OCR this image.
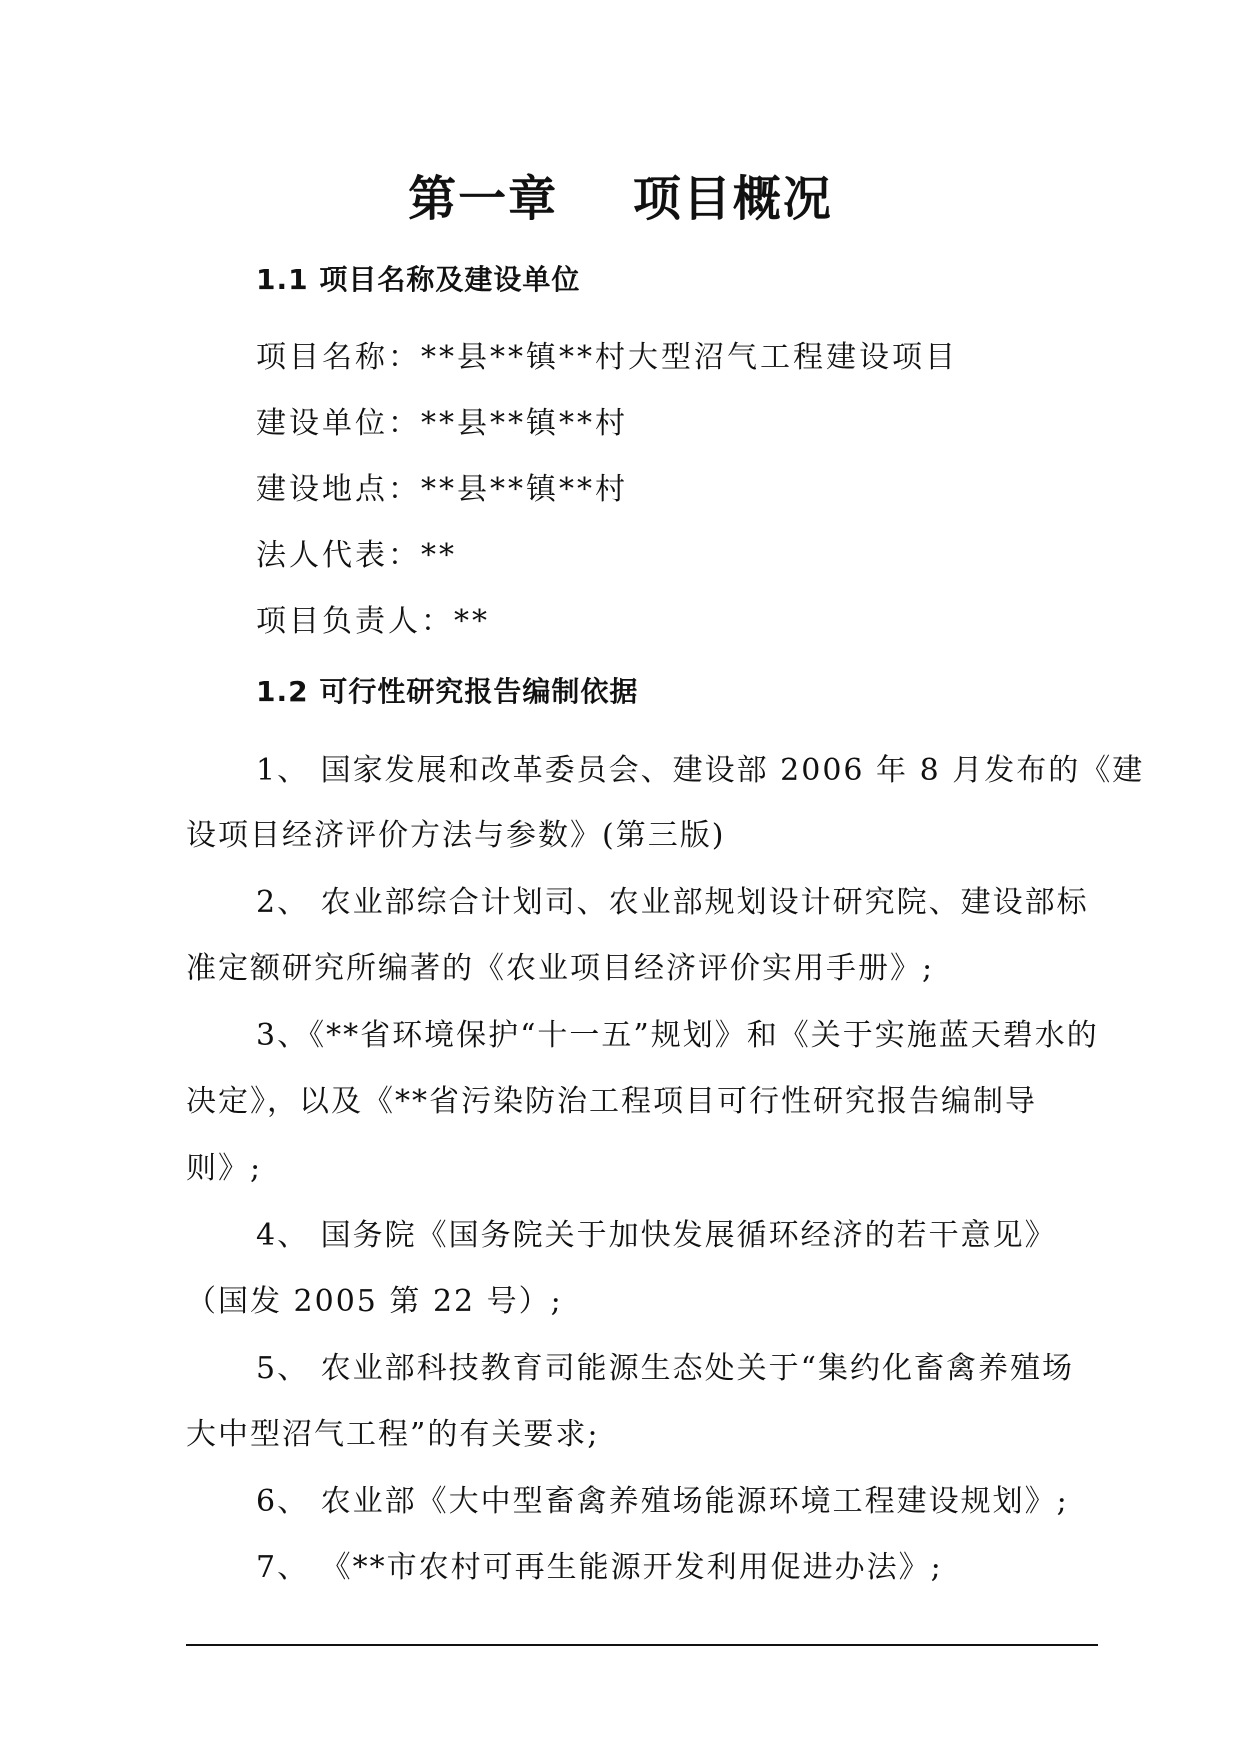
第一章    项目概况
1.1 项目名称及建设单位
项目名称：**县**镇**村大型沼气工程建设项目
建设单位：**县**镇**村
建设地点：**县**镇**村
法人代表：**
项目负责人：**
1.2 可行性研究报告编制依据
1、 国家发展和改革委员会、建设部 2006 年 8 月发布的《建
设项目经济评价方法与参数》(第三版)
2、 农业部综合计划司、农业部规划设计研究院、建设部标
准定额研究所编著的《农业项目经济评价实用手册》;
3、《**省环境保护“十一五”规划》和《关于实施蓝天碧水的
决定》，以及《**省污染防治工程项目可行性研究报告编制导
则》;
4、 国务院《国务院关于加快发展循环经济的若干意见》
（国发 2005 第 22 号）;
5、 农业部科技教育司能源生态处关于“集约化畜禽养殖场
大中型沼气工程”的有关要求;
6、 农业部《大中型畜禽养殖场能源环境工程建设规划》;
7、 《**市农村可再生能源开发利用促进办法》;
